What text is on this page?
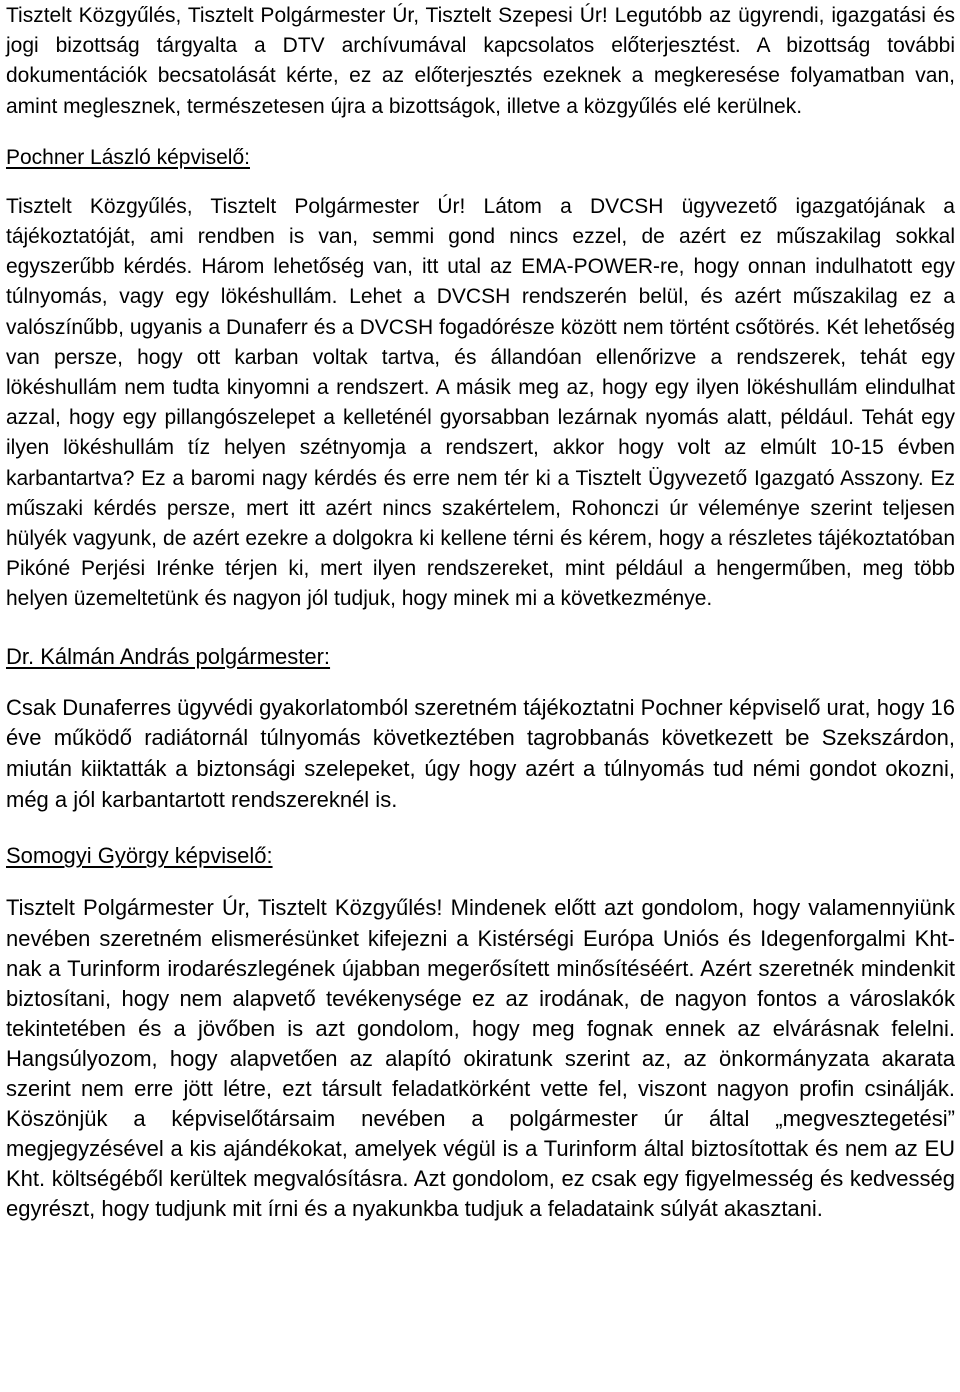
Tisztelt Közgyűlés, Tisztelt Polgármester Úr, Tisztelt Szepesi Úr! Legutóbb az ügyrendi, igazgatási és jogi bizottság tárgyalta a DTV archívumával kapcsolatos előterjesztést. A bizottság további dokumentációk becsatolását kérte, ez az előterjesztés ezeknek a megkeresése folyamatban van, amint meglesznek, természetesen újra a bizottságok, illetve a közgyűlés elé kerülnek.

Pochner László képviselő:

Tisztelt Közgyűlés, Tisztelt Polgármester Úr! Látom a DVCSH ügyvezető igazgatójának a tájékoztatóját, ami rendben is van, semmi gond nincs ezzel, de azért ez műszakilag sokkal egyszerűbb kérdés. Három lehetőség van, itt utal az EMA-POWER-re, hogy onnan indulhatott egy túlnyomás, vagy egy lökéshullám. Lehet a DVCSH rendszerén belül, és azért műszakilag ez a valószínűbb, ugyanis a Dunaferr és a DVCSH fogadórésze között nem történt csőtörés. Két lehetőség van persze, hogy ott karban voltak tartva, és állandóan ellenőrizve a rendszerek, tehát egy lökéshullám nem tudta kinyomni a rendszert. A másik meg az, hogy egy ilyen lökéshullám elindulhat azzal, hogy egy pillangószelepet a kelleténél gyorsabban lezárnak nyomás alatt, például. Tehát egy ilyen lökéshullám tíz helyen szétnyomja a rendszert, akkor hogy volt az elmúlt 10-15 évben karbantartva? Ez a baromi nagy kérdés és erre nem tér ki a Tisztelt Ügyvezető Igazgató Asszony. Ez műszaki kérdés persze, mert itt azért nincs szakértelem, Rohonczi úr véleménye szerint teljesen hülyék vagyunk, de azért ezekre a dolgokra ki kellene térni és kérem, hogy a részletes tájékoztatóban Pikóné Perjési Irénke térjen ki, mert ilyen rendszereket, mint például a hengerműben, meg több helyen üzemeltetünk és nagyon jól tudjuk, hogy minek mi a következménye.

Dr. Kálmán András polgármester:

Csak Dunaferres ügyvédi gyakorlatomból szeretném tájékoztatni Pochner képviselő urat, hogy 16 éve működő radiátornál túlnyomás következtében tagrobbanás következett be Szekszárdon, miután kiiktatták a biztonsági szelepeket, úgy hogy azért a túlnyomás tud némi gondot okozni, még a jól karbantartott rendszereknél is.

Somogyi György képviselő:

Tisztelt Polgármester Úr, Tisztelt Közgyűlés! Mindenek előtt azt gondolom, hogy valamennyiünk nevében szeretném elismerésünket kifejezni a Kistérségi Európa Uniós és Idegenforgalmi Kht-nak a Turinform irodarészlegének újabban megerősített minősítéséért. Azért szeretnék mindenkit biztosítani, hogy nem alapvető tevékenysége ez az irodának, de nagyon fontos a városlakók tekintetében és a jövőben is azt gondolom, hogy meg fognak ennek az elvárásnak felelni. Hangsúlyozom, hogy alapvetően az alapító okiratunk szerint az, az önkormányzata akarata szerint nem erre jött létre, ezt társult feladatkörként vette fel, viszont nagyon profin csinálják. Köszönjük a képviselőtársaim nevében a polgármester úr által „megvesztegetési” megjegyzésével a kis ajándékokat, amelyek végül is a Turinform által biztosítottak és nem az EU Kht. költségéből kerültek megvalósításra. Azt gondolom, ez csak egy figyelmesség és kedvesség egyrészt, hogy tudjunk mit írni és a nyakunkba tudjuk a feladataink súlyát akasztani.
